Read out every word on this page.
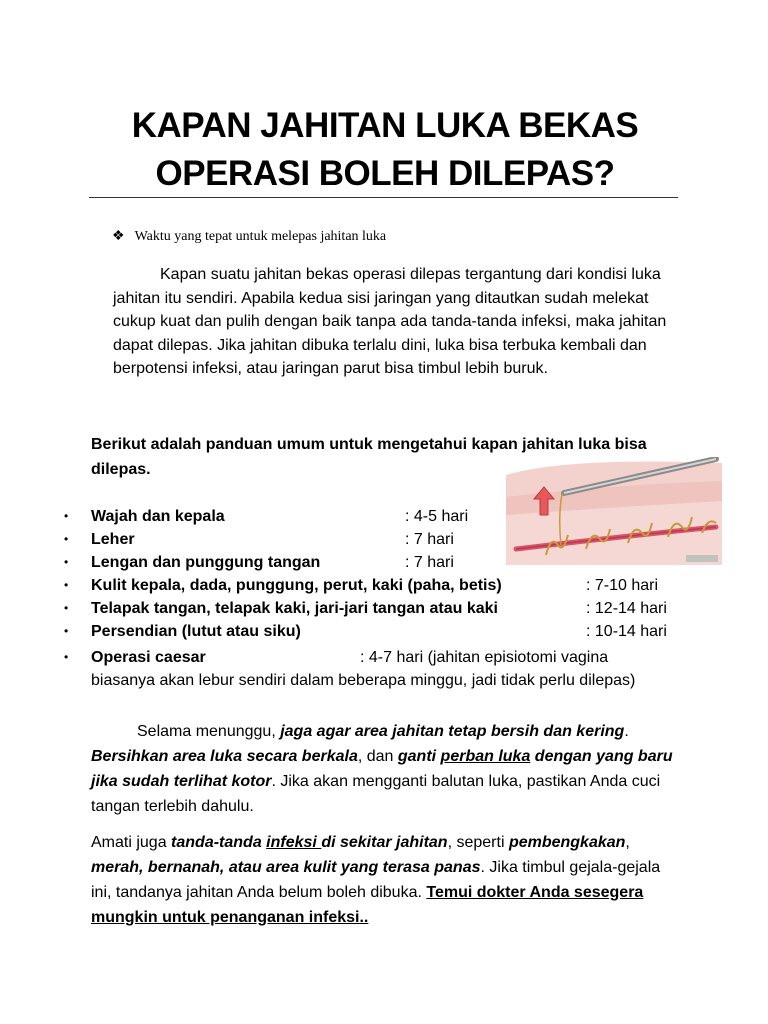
KAPAN JAHITAN LUKA BEKAS
OPERASI BOLEH DILEPAS?
❖ Waktu yang tepat untuk melepas jahitan luka

Kapan suatu jahitan bekas operasi dilepas tergantung dari kondisi luka jahitan itu sendiri. Apabila kedua sisi jaringan yang ditautkan sudah melekat cukup kuat dan pulih dengan baik tanpa ada tanda-tanda infeksi, maka jahitan dapat dilepas. Jika jahitan dibuka terlalu dini, luka bisa terbuka kembali dan berpotensi infeksi, atau jaringan parut bisa timbul lebih buruk.

Berikut adalah panduan umum untuk mengetahui kapan jahitan luka bisa dilepas.

• Wajah dan kepala	: 4-5 hari
• Leher	: 7 hari
• Lengan dan punggung tangan	: 7 hari
• Kulit kepala, dada, punggung, perut, kaki (paha, betis)	: 7-10 hari
• Telapak tangan, telapak kaki, jari-jari tangan atau kaki	: 12-14 hari
• Persendian (lutut atau siku)	: 10-14 hari
• Operasi caesar	: 4-7 hari (jahitan episiotomi vagina
biasanya akan lebur sendiri dalam beberapa minggu, jadi tidak perlu dilepas)

Selama menunggu, jaga agar area jahitan tetap bersih dan kering. Bersihkan area luka secara berkala, dan ganti perban luka dengan yang baru jika sudah terlihat kotor. Jika akan mengganti balutan luka, pastikan Anda cuci tangan terlebih dahulu.

Amati juga tanda-tanda infeksi di sekitar jahitan, seperti pembengkakan, merah, bernanah, atau area kulit yang terasa panas. Jika timbul gejala-gejala ini, tandanya jahitan Anda belum boleh dibuka. Temui dokter Anda sesegera mungkin untuk penanganan infeksi..
